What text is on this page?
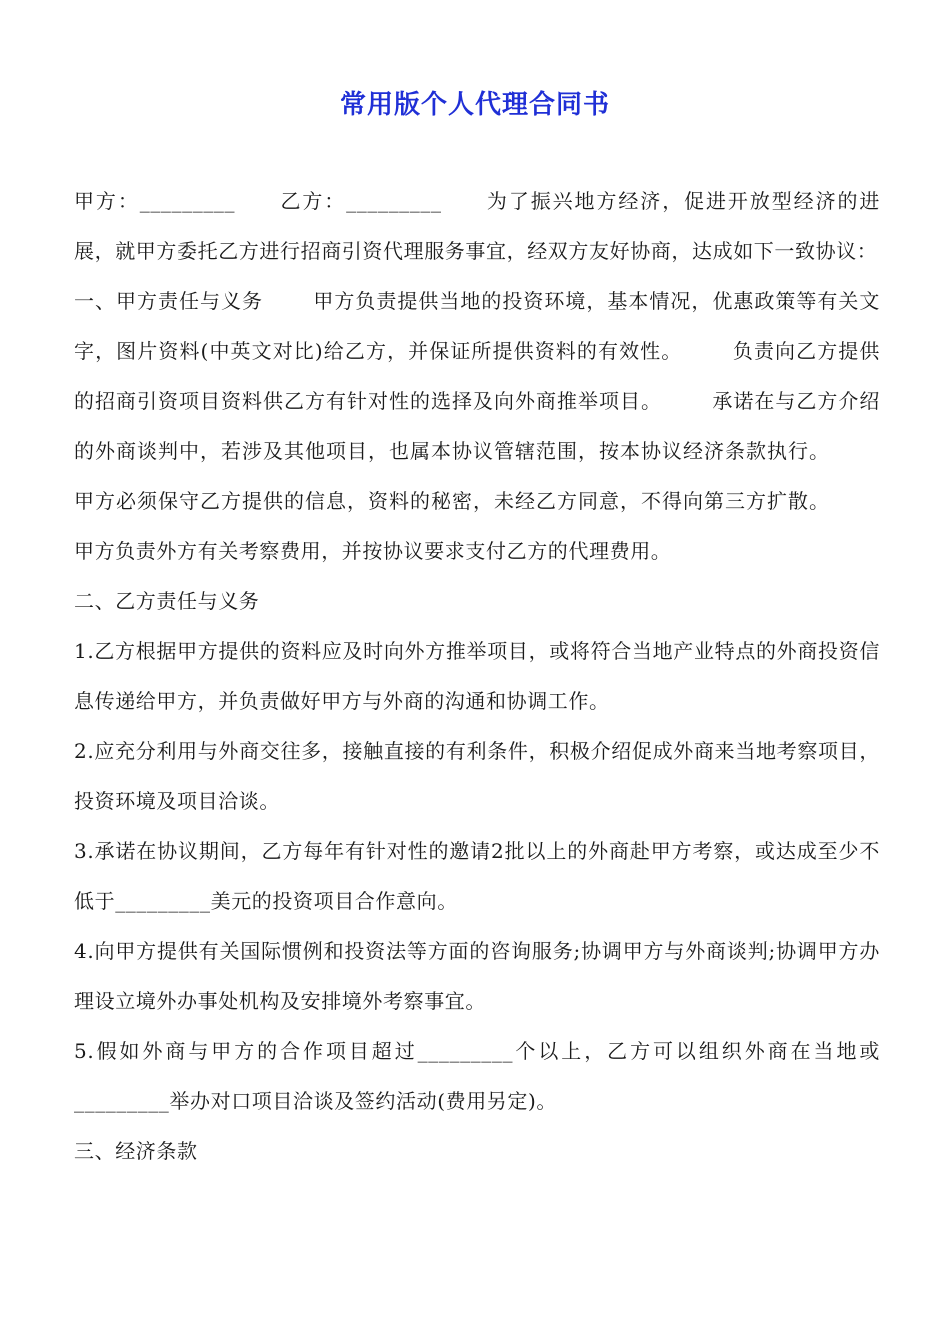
常用版个人代理合同书

甲方：_________ 乙方：_________ 为了振兴地方经济，促进开放型经济的进展，就甲方委托乙方进行招商引资代理服务事宜，经双方友好协商，达成如下一致协议：

一、甲方责任与义务	甲方负责提供当地的投资环境，基本情况，优惠政策等有关文字，图片资料(中英文对比)给乙方，并保证所提供资料的有效性。	负责向乙方提供的招商引资项目资料供乙方有针对性的选择及向外商推举项目。	承诺在与乙方介绍的外商谈判中，若涉及其他项目，也属本协议管辖范围，按本协议经济条款执行。甲方必须保守乙方提供的信息，资料的秘密，未经乙方同意，不得向第三方扩散。甲方负责外方有关考察费用，并按协议要求支付乙方的代理费用。

二、乙方责任与义务

1.乙方根据甲方提供的资料应及时向外方推举项目，或将符合当地产业特点的外商投资信息传递给甲方，并负责做好甲方与外商的沟通和协调工作。

2.应充分利用与外商交往多，接触直接的有利条件，积极介绍促成外商来当地考察项目，投资环境及项目洽谈。

3.承诺在协议期间，乙方每年有针对性的邀请2批以上的外商赴甲方考察，或达成至少不低于_________美元的投资项目合作意向。

4.向甲方提供有关国际惯例和投资法等方面的咨询服务;协调甲方与外商谈判;协调甲方办理设立境外办事处机构及安排境外考察事宜。

5.假如外商与甲方的合作项目超过_________个以上，乙方可以组织外商在当地或_________举办对口项目洽谈及签约活动(费用另定)。

三、经济条款
